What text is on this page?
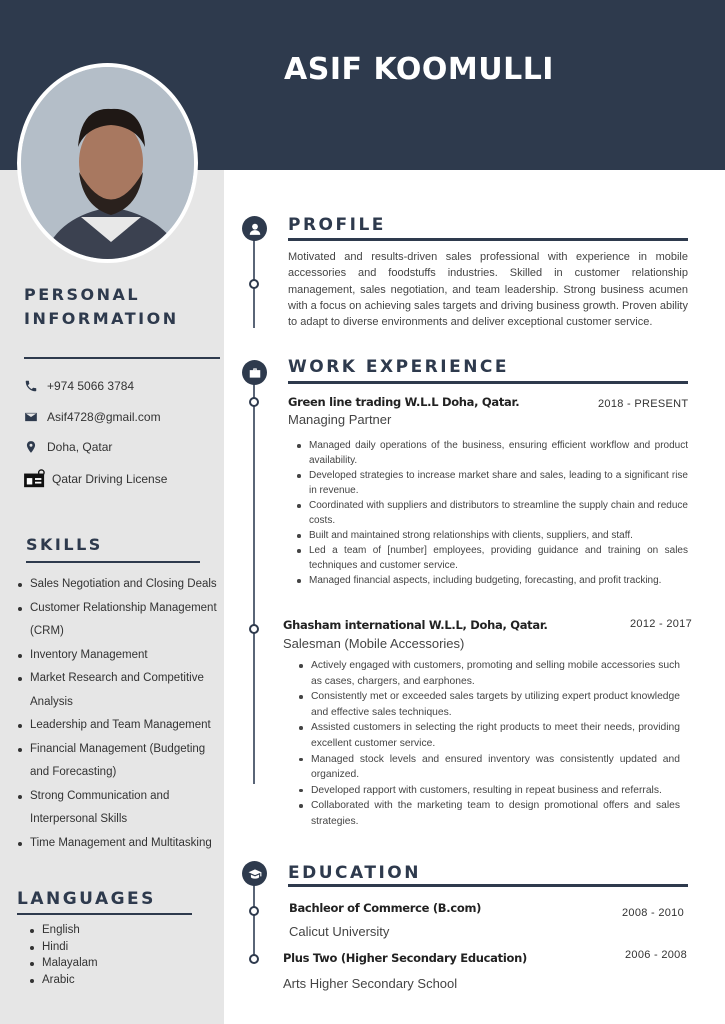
ASIF KOOMULLI
PERSONAL
INFORMATION
+974 5066 3784
Asif4728@gmail.com
Doha, Qatar
Qatar Driving License
SKILLS
Sales Negotiation and Closing Deals
Customer Relationship Management (CRM)
Inventory Management
Market Research and Competitive Analysis
Leadership and Team Management
Financial Management (Budgeting and Forecasting)
Strong Communication and Interpersonal Skills
Time Management and Multitasking
LANGUAGES
English
Hindi
Malayalam
Arabic
PROFILE
Motivated and results-driven sales professional with experience in mobile accessories and foodstuffs industries. Skilled in customer relationship management, sales negotiation, and team leadership. Strong business acumen with a focus on achieving sales targets and driving business growth. Proven ability to adapt to diverse environments and deliver exceptional customer service.
WORK EXPERIENCE
Green line trading W.L.L Doha, Qatar.	2018 - PRESENT
Managing Partner
Managed daily operations of the business, ensuring efficient workflow and product availability.
Developed strategies to increase market share and sales, leading to a significant rise in revenue.
Coordinated with suppliers and distributors to streamline the supply chain and reduce costs.
Built and maintained strong relationships with clients, suppliers, and staff.
Led a team of [number] employees, providing guidance and training on sales techniques and customer service.
Managed financial aspects, including budgeting, forecasting, and profit tracking.
Ghasham international W.L.L, Doha, Qatar.	2012 - 2017
Salesman (Mobile Accessories)
Actively engaged with customers, promoting and selling mobile accessories such as cases, chargers, and earphones.
Consistently met or exceeded sales targets by utilizing expert product knowledge and effective sales techniques.
Assisted customers in selecting the right products to meet their needs, providing excellent customer service.
Managed stock levels and ensured inventory was consistently updated and organized.
Developed rapport with customers, resulting in repeat business and referrals.
Collaborated with the marketing team to design promotional offers and sales strategies.
EDUCATION
Bachleor of Commerce (B.com)	2008 - 2010
Calicut University
Plus Two (Higher Secondary Education)	2006 - 2008
Arts Higher Secondary School
